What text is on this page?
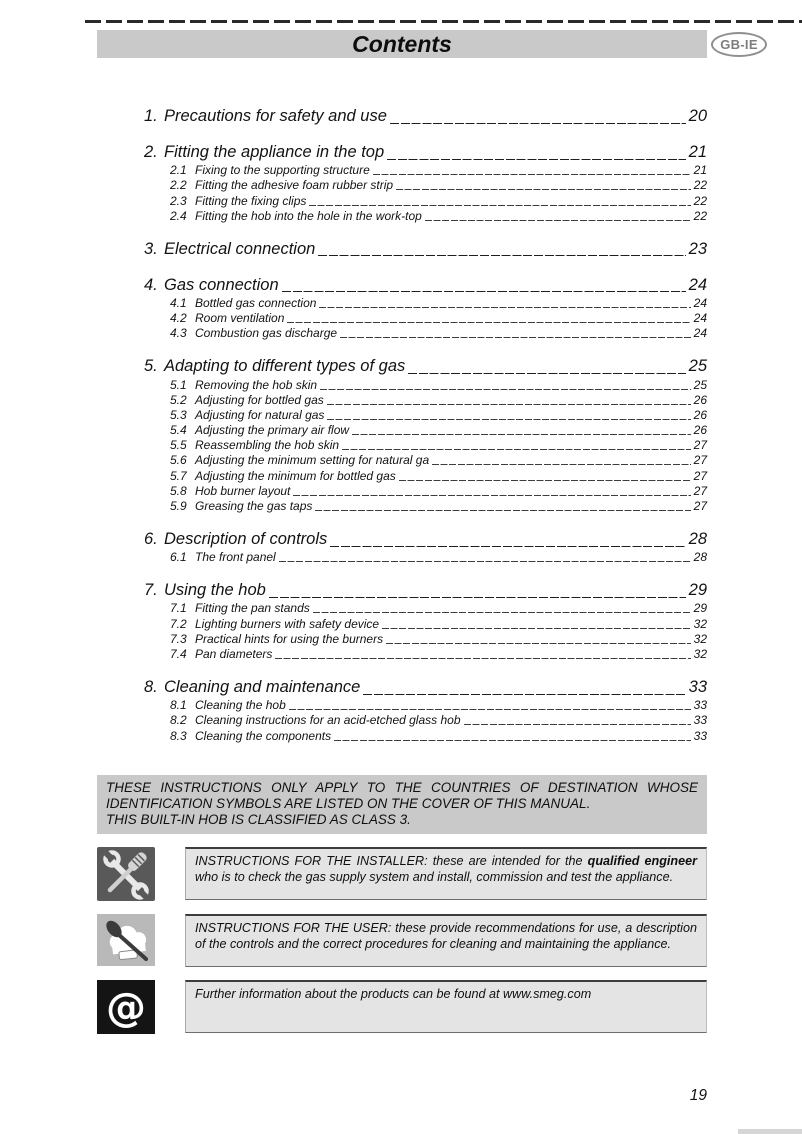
Contents	GB-IE
1. Precautions for safety and use	20
2. Fitting the appliance in the top	21
2.1 Fixing to the supporting structure	21
2.2 Fitting the adhesive foam rubber strip	22
2.3 Fitting the fixing clips	22
2.4 Fitting the hob into the hole in the work-top	22
3. Electrical connection	23
4. Gas connection	24
4.1 Bottled gas connection	24
4.2 Room ventilation	24
4.3 Combustion gas discharge	24
5. Adapting to different types of gas	25
5.1 Removing the hob skin	25
5.2 Adjusting for bottled gas	26
5.3 Adjusting for natural gas	26
5.4 Adjusting the primary air flow	26
5.5 Reassembling the hob skin	27
5.6 Adjusting the minimum setting for natural ga	27
5.7 Adjusting the minimum for bottled gas	27
5.8 Hob burner layout	27
5.9 Greasing the gas taps	27
6. Description of controls	28
6.1 The front panel	28
7. Using the hob	29
7.1 Fitting the pan stands	29
7.2 Lighting burners with safety device	32
7.3 Practical hints for using the burners	32
7.4 Pan diameters	32
8. Cleaning and maintenance	33
8.1 Cleaning the hob	33
8.2 Cleaning instructions for an acid-etched glass hob	33
8.3 Cleaning the components	33

THESE INSTRUCTIONS ONLY APPLY TO THE COUNTRIES OF DESTINATION WHOSE IDENTIFICATION SYMBOLS ARE LISTED ON THE COVER OF THIS MANUAL.

THIS BUILT-IN HOB IS CLASSIFIED AS CLASS 3.

INSTRUCTIONS FOR THE INSTALLER: these are intended for the qualified engineer who is to check the gas supply system and install, commission and test the appliance.
INSTRUCTIONS FOR THE USER: these provide recommendations for use, a description of the controls and the correct procedures for cleaning and maintaining the appliance.
@	Further information about the products can be found at www.smeg.com
19
